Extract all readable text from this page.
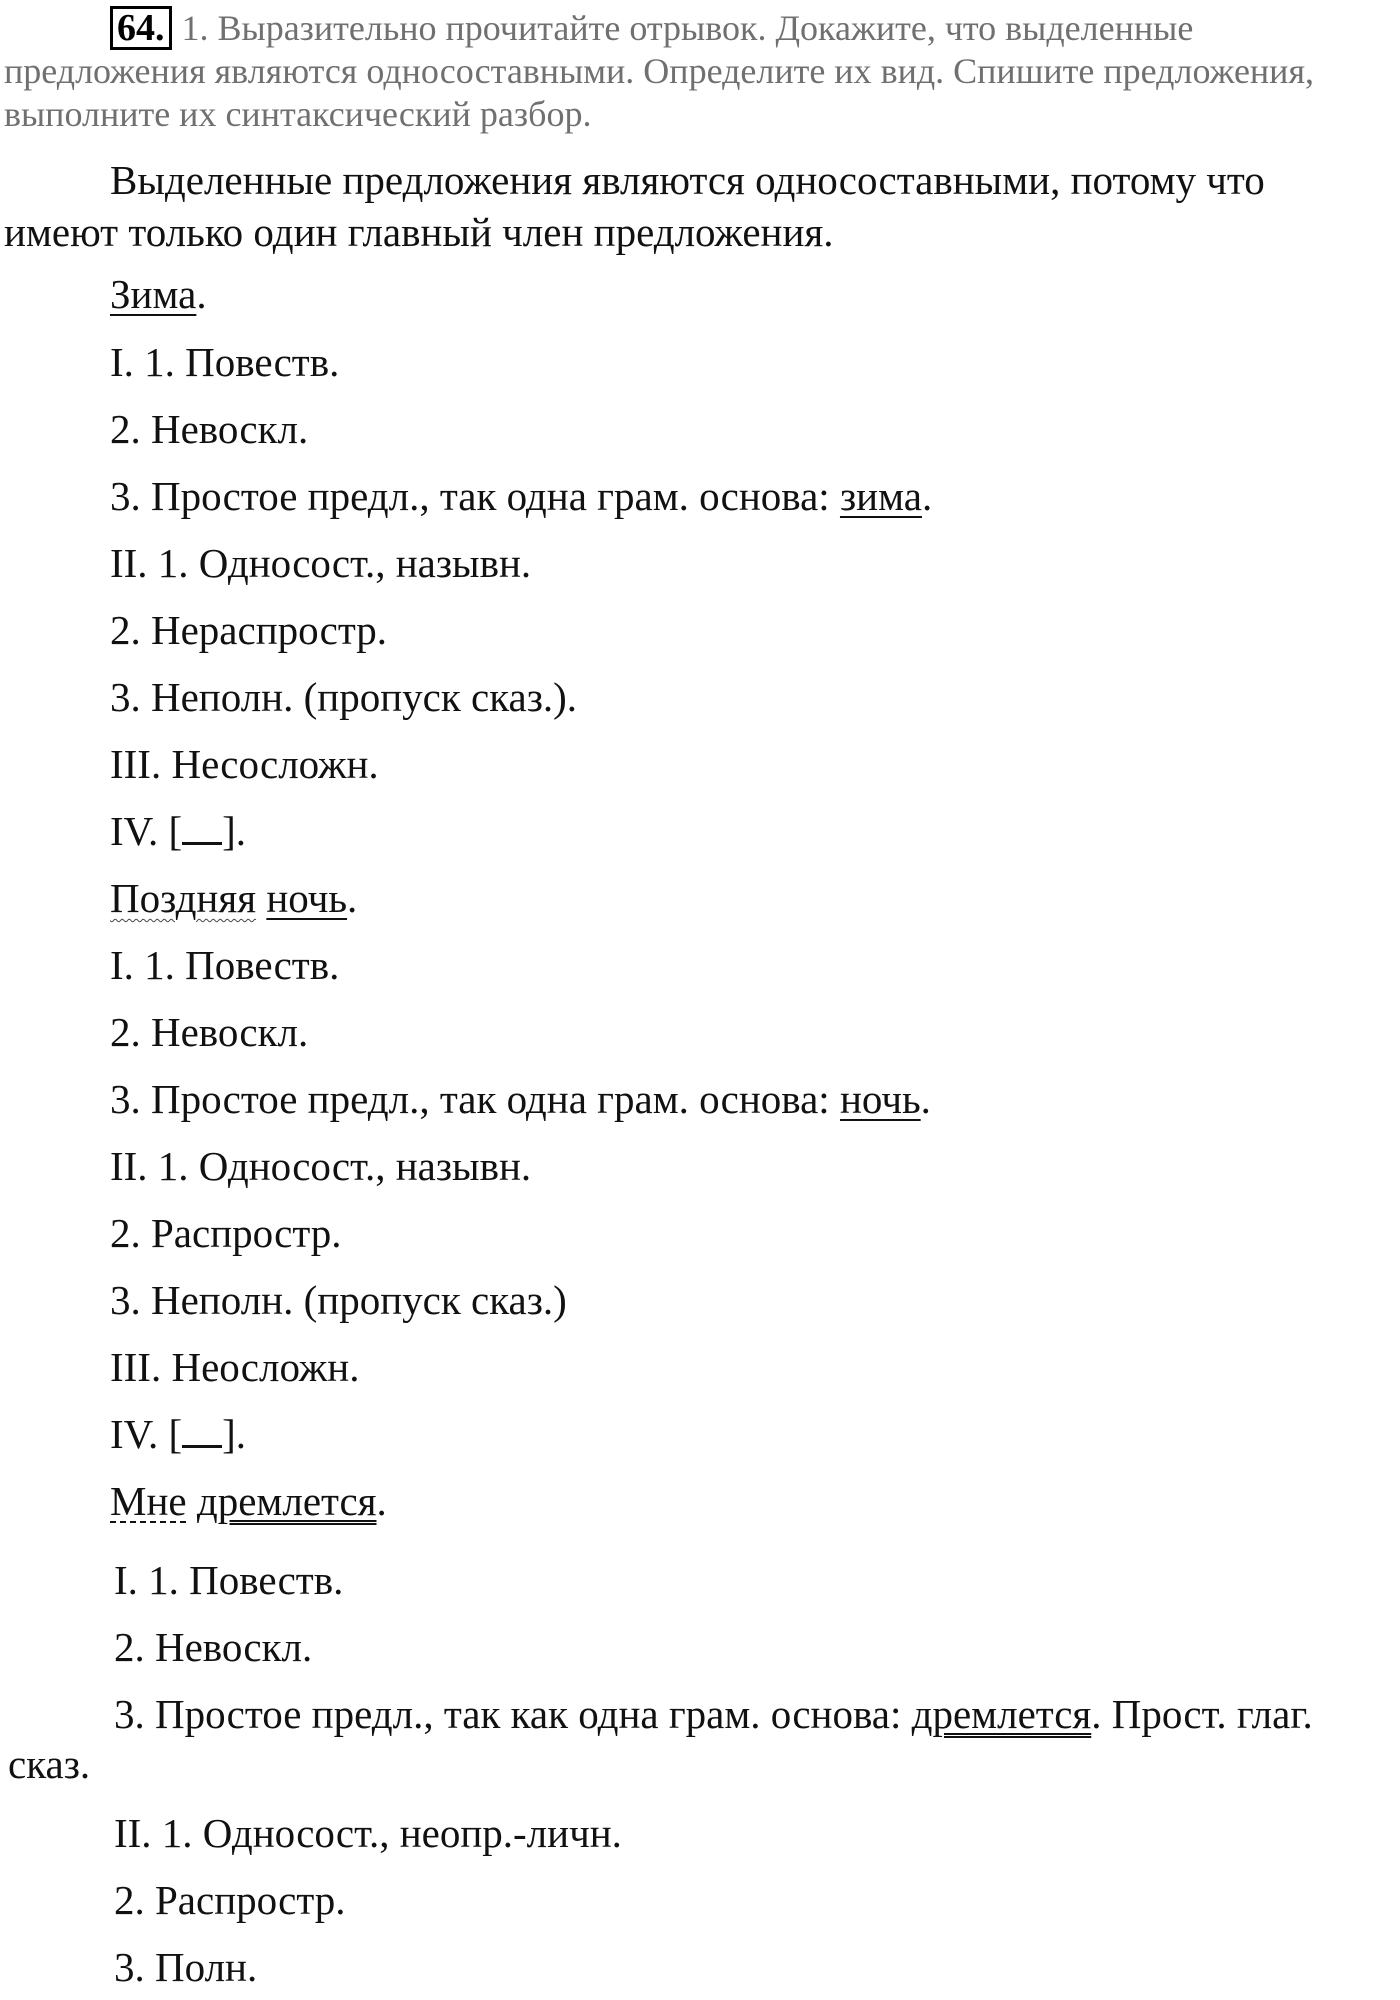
64. 1. Выразительно прочитайте отрывок. Докажите, что выделенные предложения являются односоставными. Определите их вид. Спишите предложения, выполните их синтаксический разбор.
Выделенные предложения являются односоставными, потому что имеют только один главный член предложения.
Зима.
I. 1. Повеств.
2. Невоскл.
3. Простое предл., так одна грам. основа: зима.
II. 1. Односост., назывн.
2. Нераспростр.
3. Неполн. (пропуск сказ.).
III. Несосложн.
IV. [ ].
Поздняя ночь.
I. 1. Повеств.
2. Невоскл.
3. Простое предл., так одна грам. основа: ночь.
II. 1. Односост., назывн.
2. Распростр.
3. Неполн. (пропуск сказ.)
III. Неосложн.
IV. [ ].
Мне дремлется.
I. 1. Повеств.
2. Невоскл.
3. Простое предл., так как одна грам. основа: дремлется. Прост. глаг.
сказ.
II. 1. Односост., неопр.-личн.
2. Распростр.
3. Полн.
